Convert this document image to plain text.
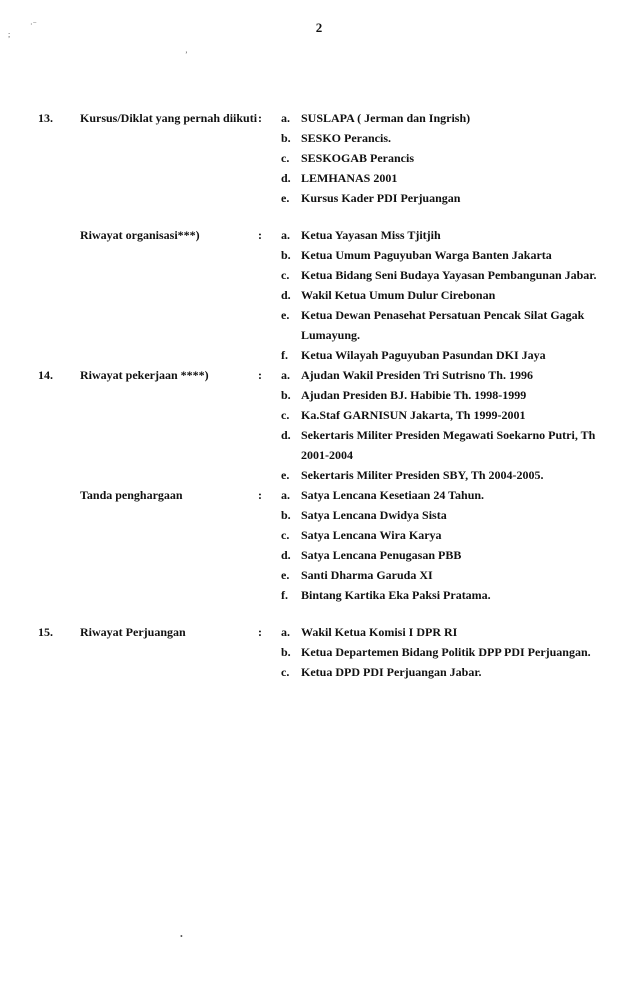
2
·⁻
;
ʼ
•
13.	Kursus/Diklat yang pernah diikuti :	a. SUSLAPA ( Jerman dan Ingrish)
b. SESKO Perancis.
c. SESKOGAB Perancis
d. LEMHANAS 2001
e. Kursus Kader PDI Perjuangan
Riwayat organisasi***)	:	a. Ketua Yayasan Miss Tjitjih
b. Ketua Umum Paguyuban Warga Banten Jakarta
c. Ketua Bidang Seni Budaya Yayasan Pembangunan Jabar.
d. Wakil Ketua Umum Dulur Cirebonan
e. Ketua Dewan Penasehat Persatuan Pencak Silat Gagak Lumayung.
f.	Ketua Wilayah Paguyuban Pasundan DKI Jaya
14.	Riwayat pekerjaan ****)	:	a. Ajudan Wakil Presiden Tri Sutrisno Th. 1996
b. Ajudan Presiden BJ. Habibie Th. 1998-1999
c. Ka.Staf GARNISUN Jakarta, Th 1999-2001
d. Sekertaris Militer Presiden Megawati Soekarno Putri, Th 2001-2004
e. Sekertaris Militer Presiden SBY, Th 2004-2005.
Tanda penghargaan	:	a. Satya Lencana Kesetiaan 24 Tahun.
b. Satya Lencana Dwidya Sista
c. Satya Lencana Wira Karya
d. Satya Lencana Penugasan PBB
e. Santi Dharma Garuda XI
f.	Bintang Kartika Eka Paksi Pratama.
15.	Riwayat Perjuangan	:	a. Wakil Ketua Komisi I DPR RI
b. Ketua Departemen Bidang Politik DPP PDI Perjuangan.
c. Ketua DPD PDI Perjuangan Jabar.
